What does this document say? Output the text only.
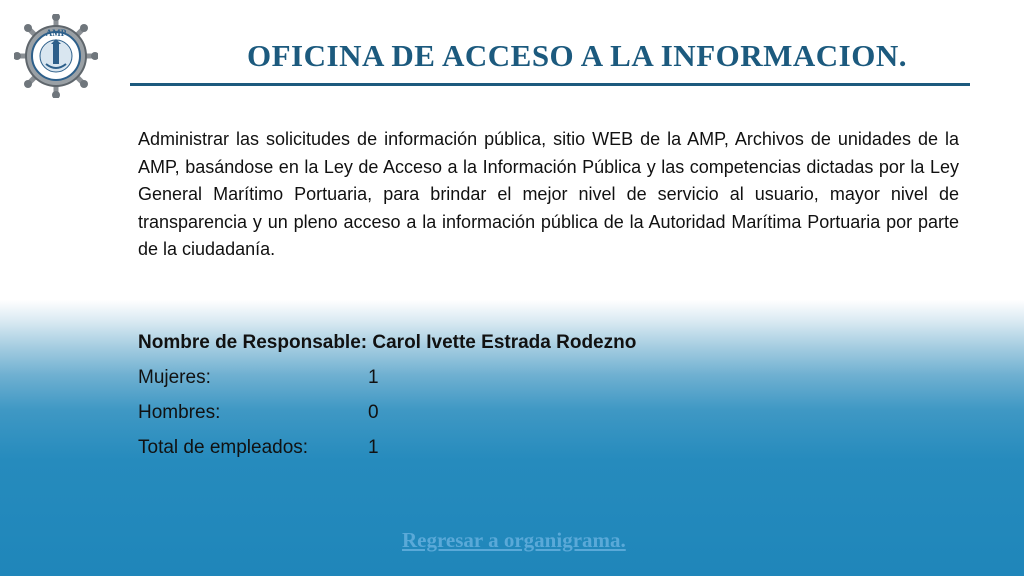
AMP
OFICINA DE ACCESO A LA INFORMACION.

Administrar las solicitudes de información pública, sitio WEB de la AMP, Archivos de unidades de la AMP, basándose en la Ley de Acceso a la Información Pública y las competencias dictadas por la Ley General Marítimo Portuaria, para brindar el mejor nivel de servicio al usuario, mayor nivel de transparencia y un pleno acceso a la información pública de la Autoridad Marítima Portuaria por parte de la ciudadanía.

Nombre de Responsable: Carol Ivette Estrada Rodezno

Mujeres:	1
Hombres:	0
Total de empleados:	1
Regresar a organigrama.
